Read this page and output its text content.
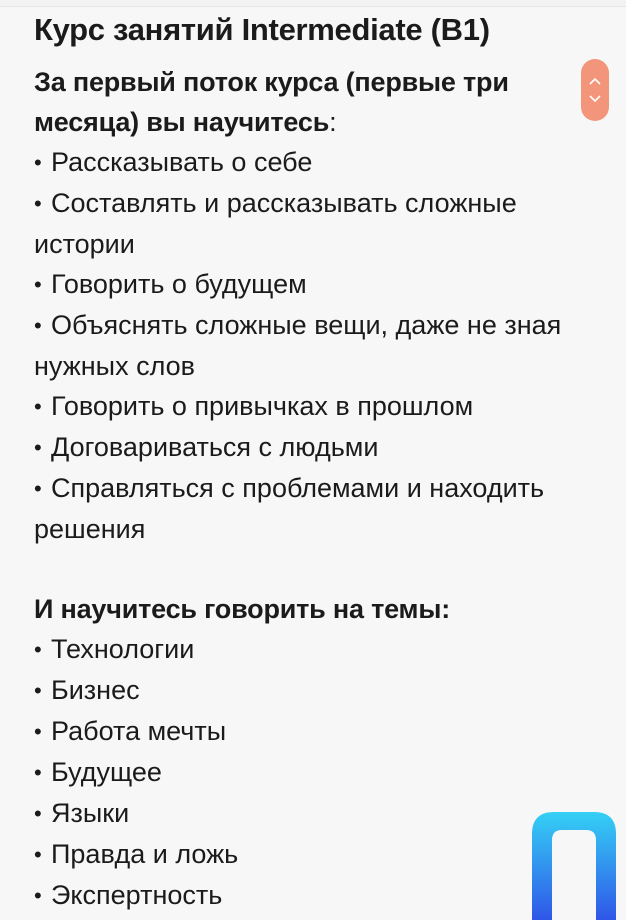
Курс занятий Intermediate (B1)
За первый поток курса (первые три месяца) вы научитесь:
• Рассказывать о себе
• Составлять и рассказывать сложные истории
• Говорить о будущем
• Объяснять сложные вещи, даже не зная нужных слов
• Говорить о привычках в прошлом
• Договариваться с людьми
• Справляться с проблемами и находить решения
И научитесь говорить на темы:
• Технологии
• Бизнес
• Работа мечты
• Будущее
• Языки
• Правда и ложь
• Экспертность
